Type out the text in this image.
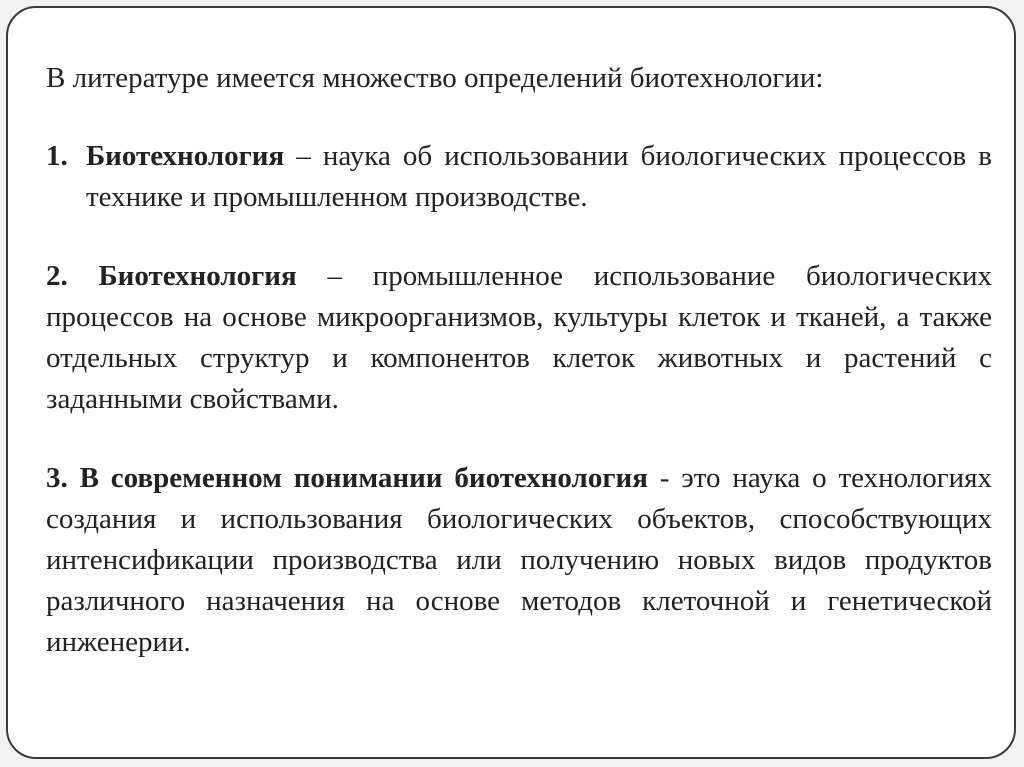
В литературе имеется множество определений биотехнологии:

1. Биотехнология – наука об использовании биологических процессов в технике и промышленном производстве.

2. Биотехнология – промышленное использование биологических процессов на основе микроорганизмов, культуры клеток и тканей, а также отдельных структур и компонентов клеток животных и растений с заданными свойствами.

3. В современном понимании биотехнология - это наука о технологиях создания и использования биологических объектов, способствующих интенсификации производства или получению новых видов продуктов различного назначения на основе методов клеточной и генетической инженерии.
